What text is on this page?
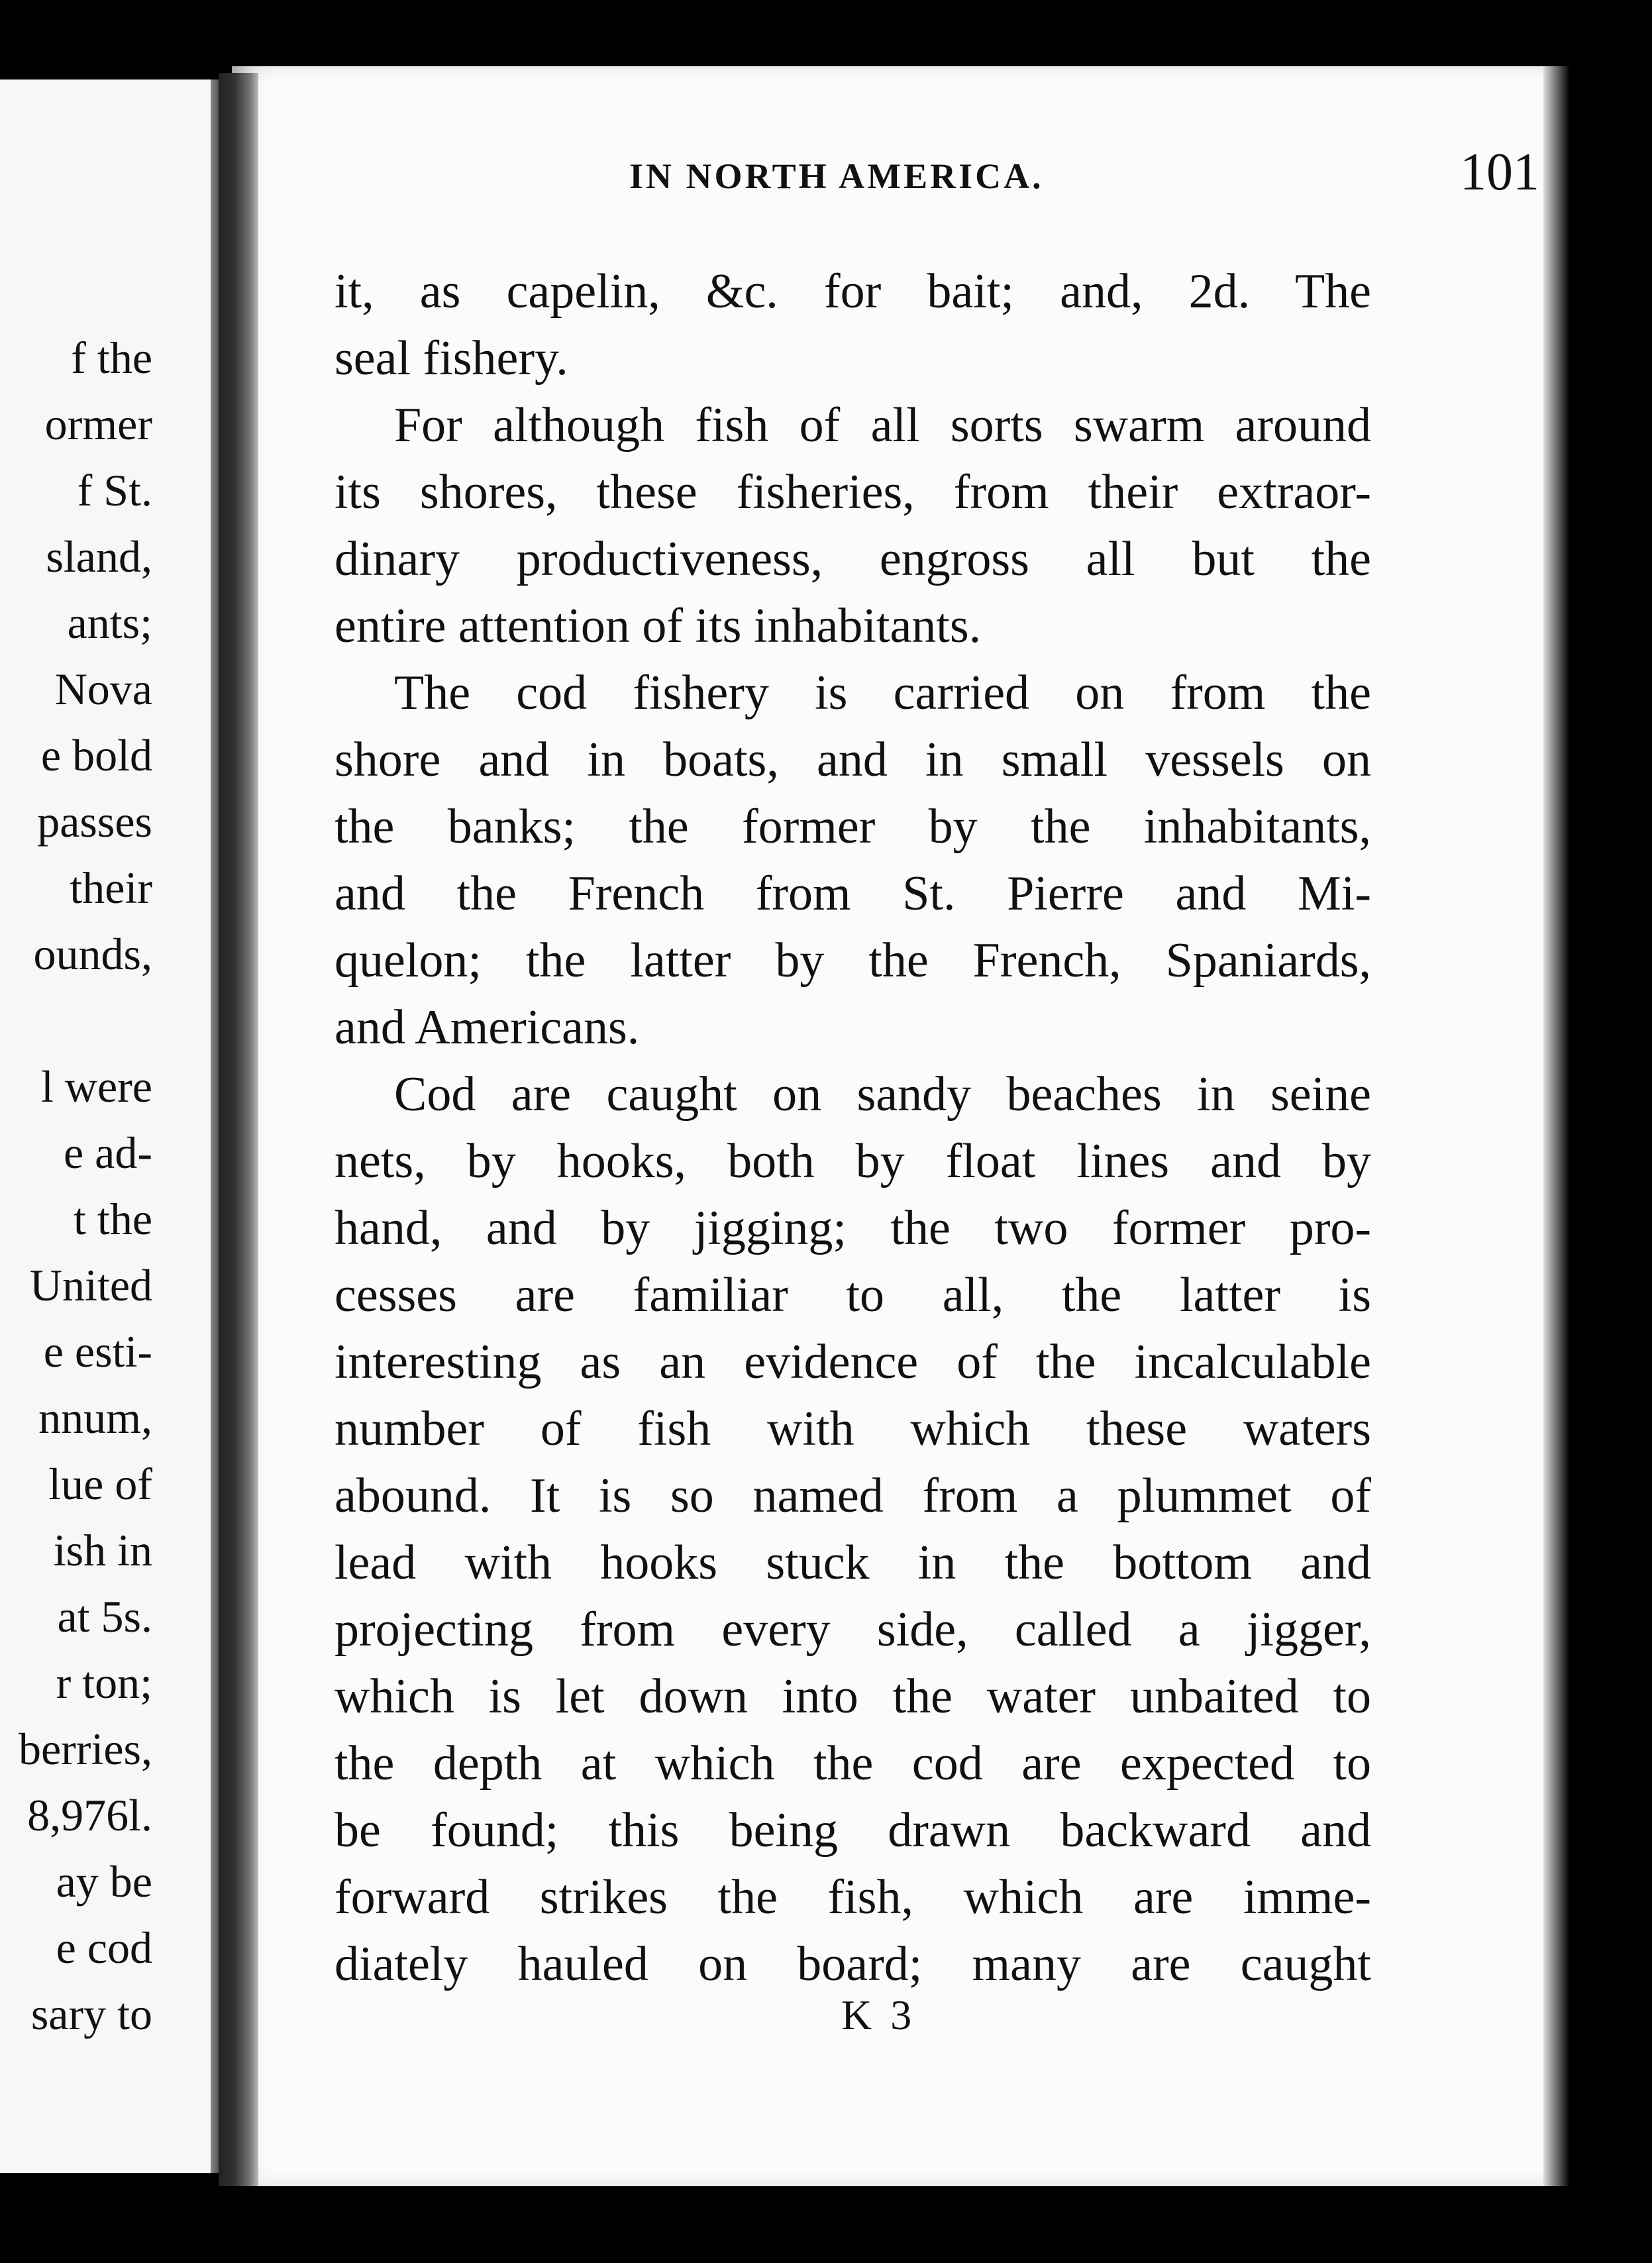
f the
ormer
f St.
sland,
ants;
Nova
e bold
passes
their
ounds,
l were
e ad-
t the
United
e esti-
nnum,
lue of
ish in
at 5s.
r ton;
berries,
8,976l.
ay be
e cod
sary to
IN NORTH AMERICA.	101
it, as capelin, &c. for bait; and, 2d. The
seal fishery.
For although fish of all sorts swarm around
its shores, these fisheries, from their extraor-
dinary productiveness, engross all but the
entire attention of its inhabitants.
The cod fishery is carried on from the
shore and in boats, and in small vessels on
the banks; the former by the inhabitants,
and the French from St. Pierre and Mi-
quelon; the latter by the French, Spaniards,
and Americans.
Cod are caught on sandy beaches in seine
nets, by hooks, both by float lines and by
hand, and by jigging; the two former pro-
cesses are familiar to all, the latter is
interesting as an evidence of the incalculable
number of fish with which these waters
abound. It is so named from a plummet of
lead with hooks stuck in the bottom and
projecting from every side, called a jigger,
which is let down into the water unbaited to
the depth at which the cod are expected to
be found; this being drawn backward and
forward strikes the fish, which are imme-
diately hauled on board; many are caught
K 3
